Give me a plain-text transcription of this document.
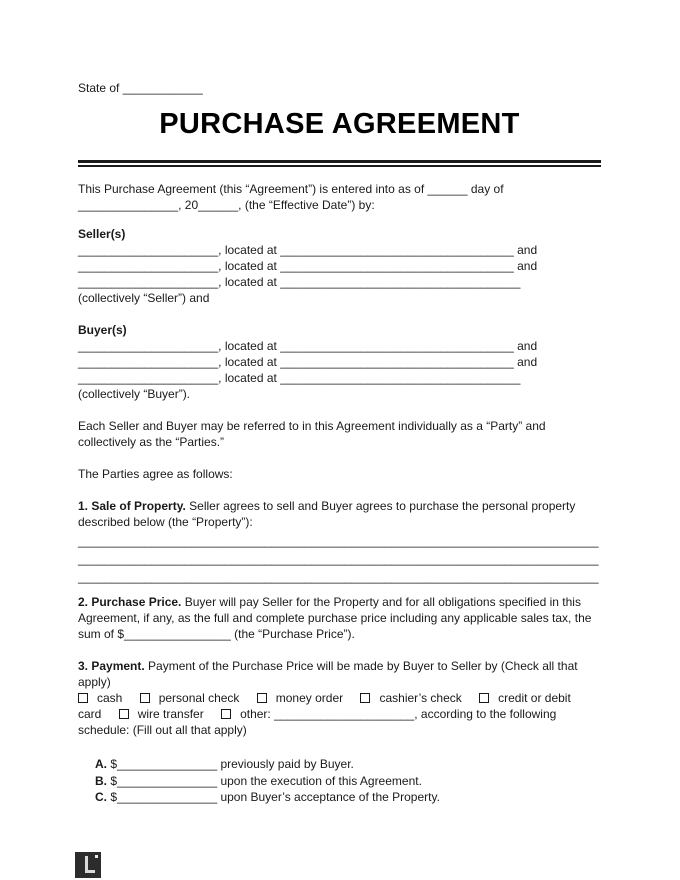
State of ____________

PURCHASE AGREEMENT

This Purchase Agreement (this “Agreement”) is entered into as of ______ day of _______________, 20______, (the “Effective Date”) by:

Seller(s)

_____________________, located at ___________________________________ and

_____________________, located at ___________________________________ and

_____________________, located at ____________________________________

(collectively “Seller”) and

Buyer(s)

_____________________, located at ___________________________________ and

_____________________, located at ___________________________________ and

_____________________, located at ____________________________________

(collectively “Buyer”).

Each Seller and Buyer may be referred to in this Agreement individually as a “Party” and collectively as the “Parties.”

The Parties agree as follows:

1. Sale of Property. Seller agrees to sell and Buyer agrees to purchase the personal property described below (the “Property”):

______________________________________________________________________________

______________________________________________________________________________

______________________________________________________________________________

2. Purchase Price. Buyer will pay Seller for the Property and for all obligations specified in this Agreement, if any, as the full and complete purchase price including any applicable sales tax, the sum of $________________ (the “Purchase Price”).

3. Payment. Payment of the Purchase Price will be made by Buyer to Seller by (Check all that apply)
cash	personal check	money order	cashier’s check	credit or debit card	wire transfer	other: _____________________, according to the following schedule: (Fill out all that apply)

A. $_______________ previously paid by Buyer.

B. $_______________ upon the execution of this Agreement.

C. $_______________ upon Buyer’s acceptance of the Property.
